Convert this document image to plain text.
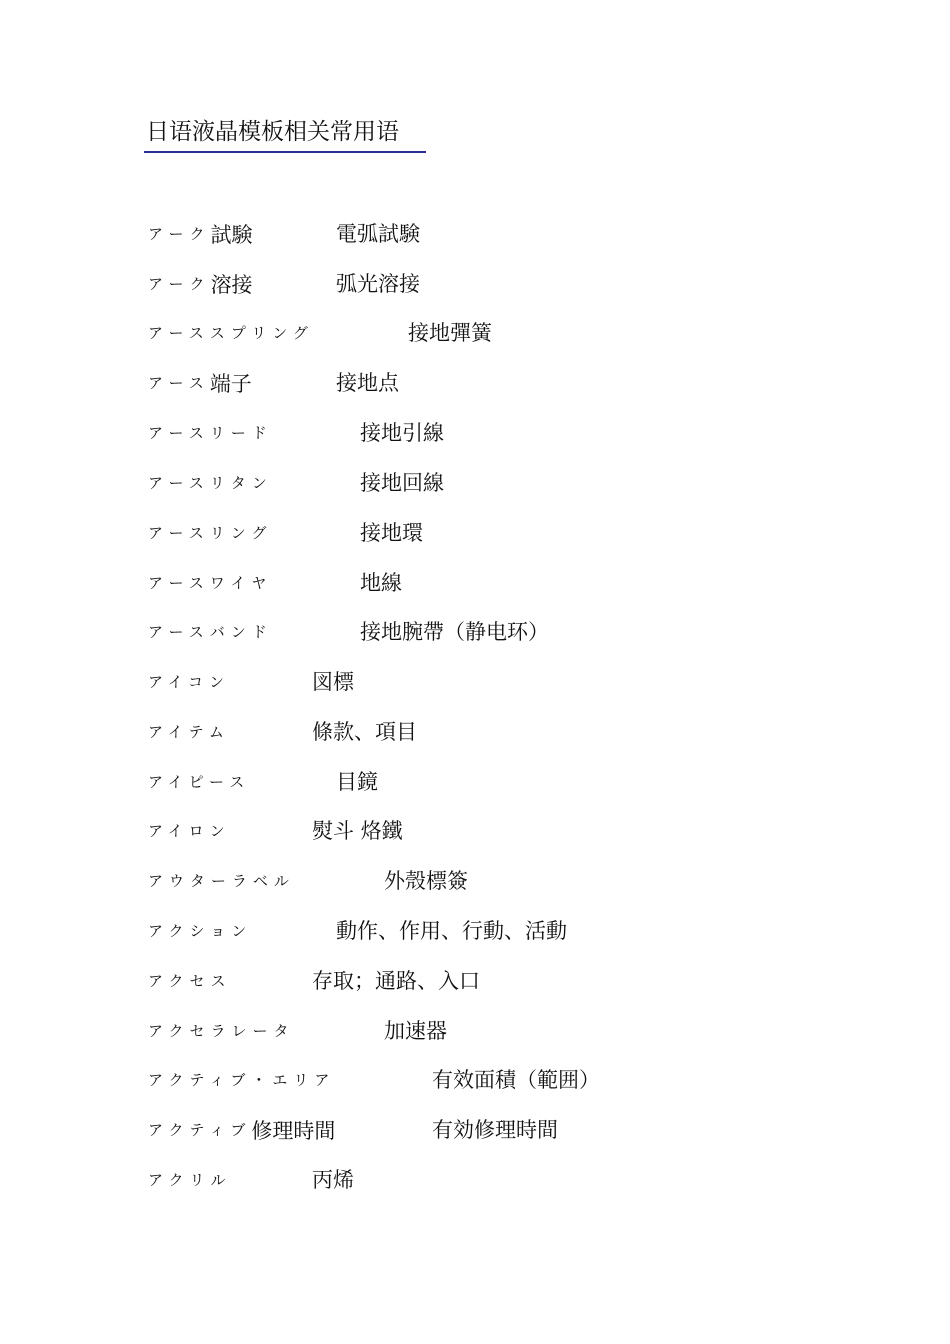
日语液晶模板相关常用语
アーク試験	電弧試験
アーク溶接	弧光溶接
アーススプリング	接地彈簧
アース端子	接地点
アースリード	接地引線
アースリタン	接地回線
アースリング	接地環
アースワイヤ	地線
アースバンド	接地腕帶（静电环）
アイコン	図標
アイテム	條款、項目
アイピース	目鏡
アイロン	熨斗 烙鐵
アウターラベル	外殼標簽
アクション	動作、作用、行動、活動
アクセス	存取；通路、入口
アクセラレータ	加速器
アクティブ・エリア	有效面積（範囲）
アクティブ修理時間	有効修理時間
アクリル	丙烯
